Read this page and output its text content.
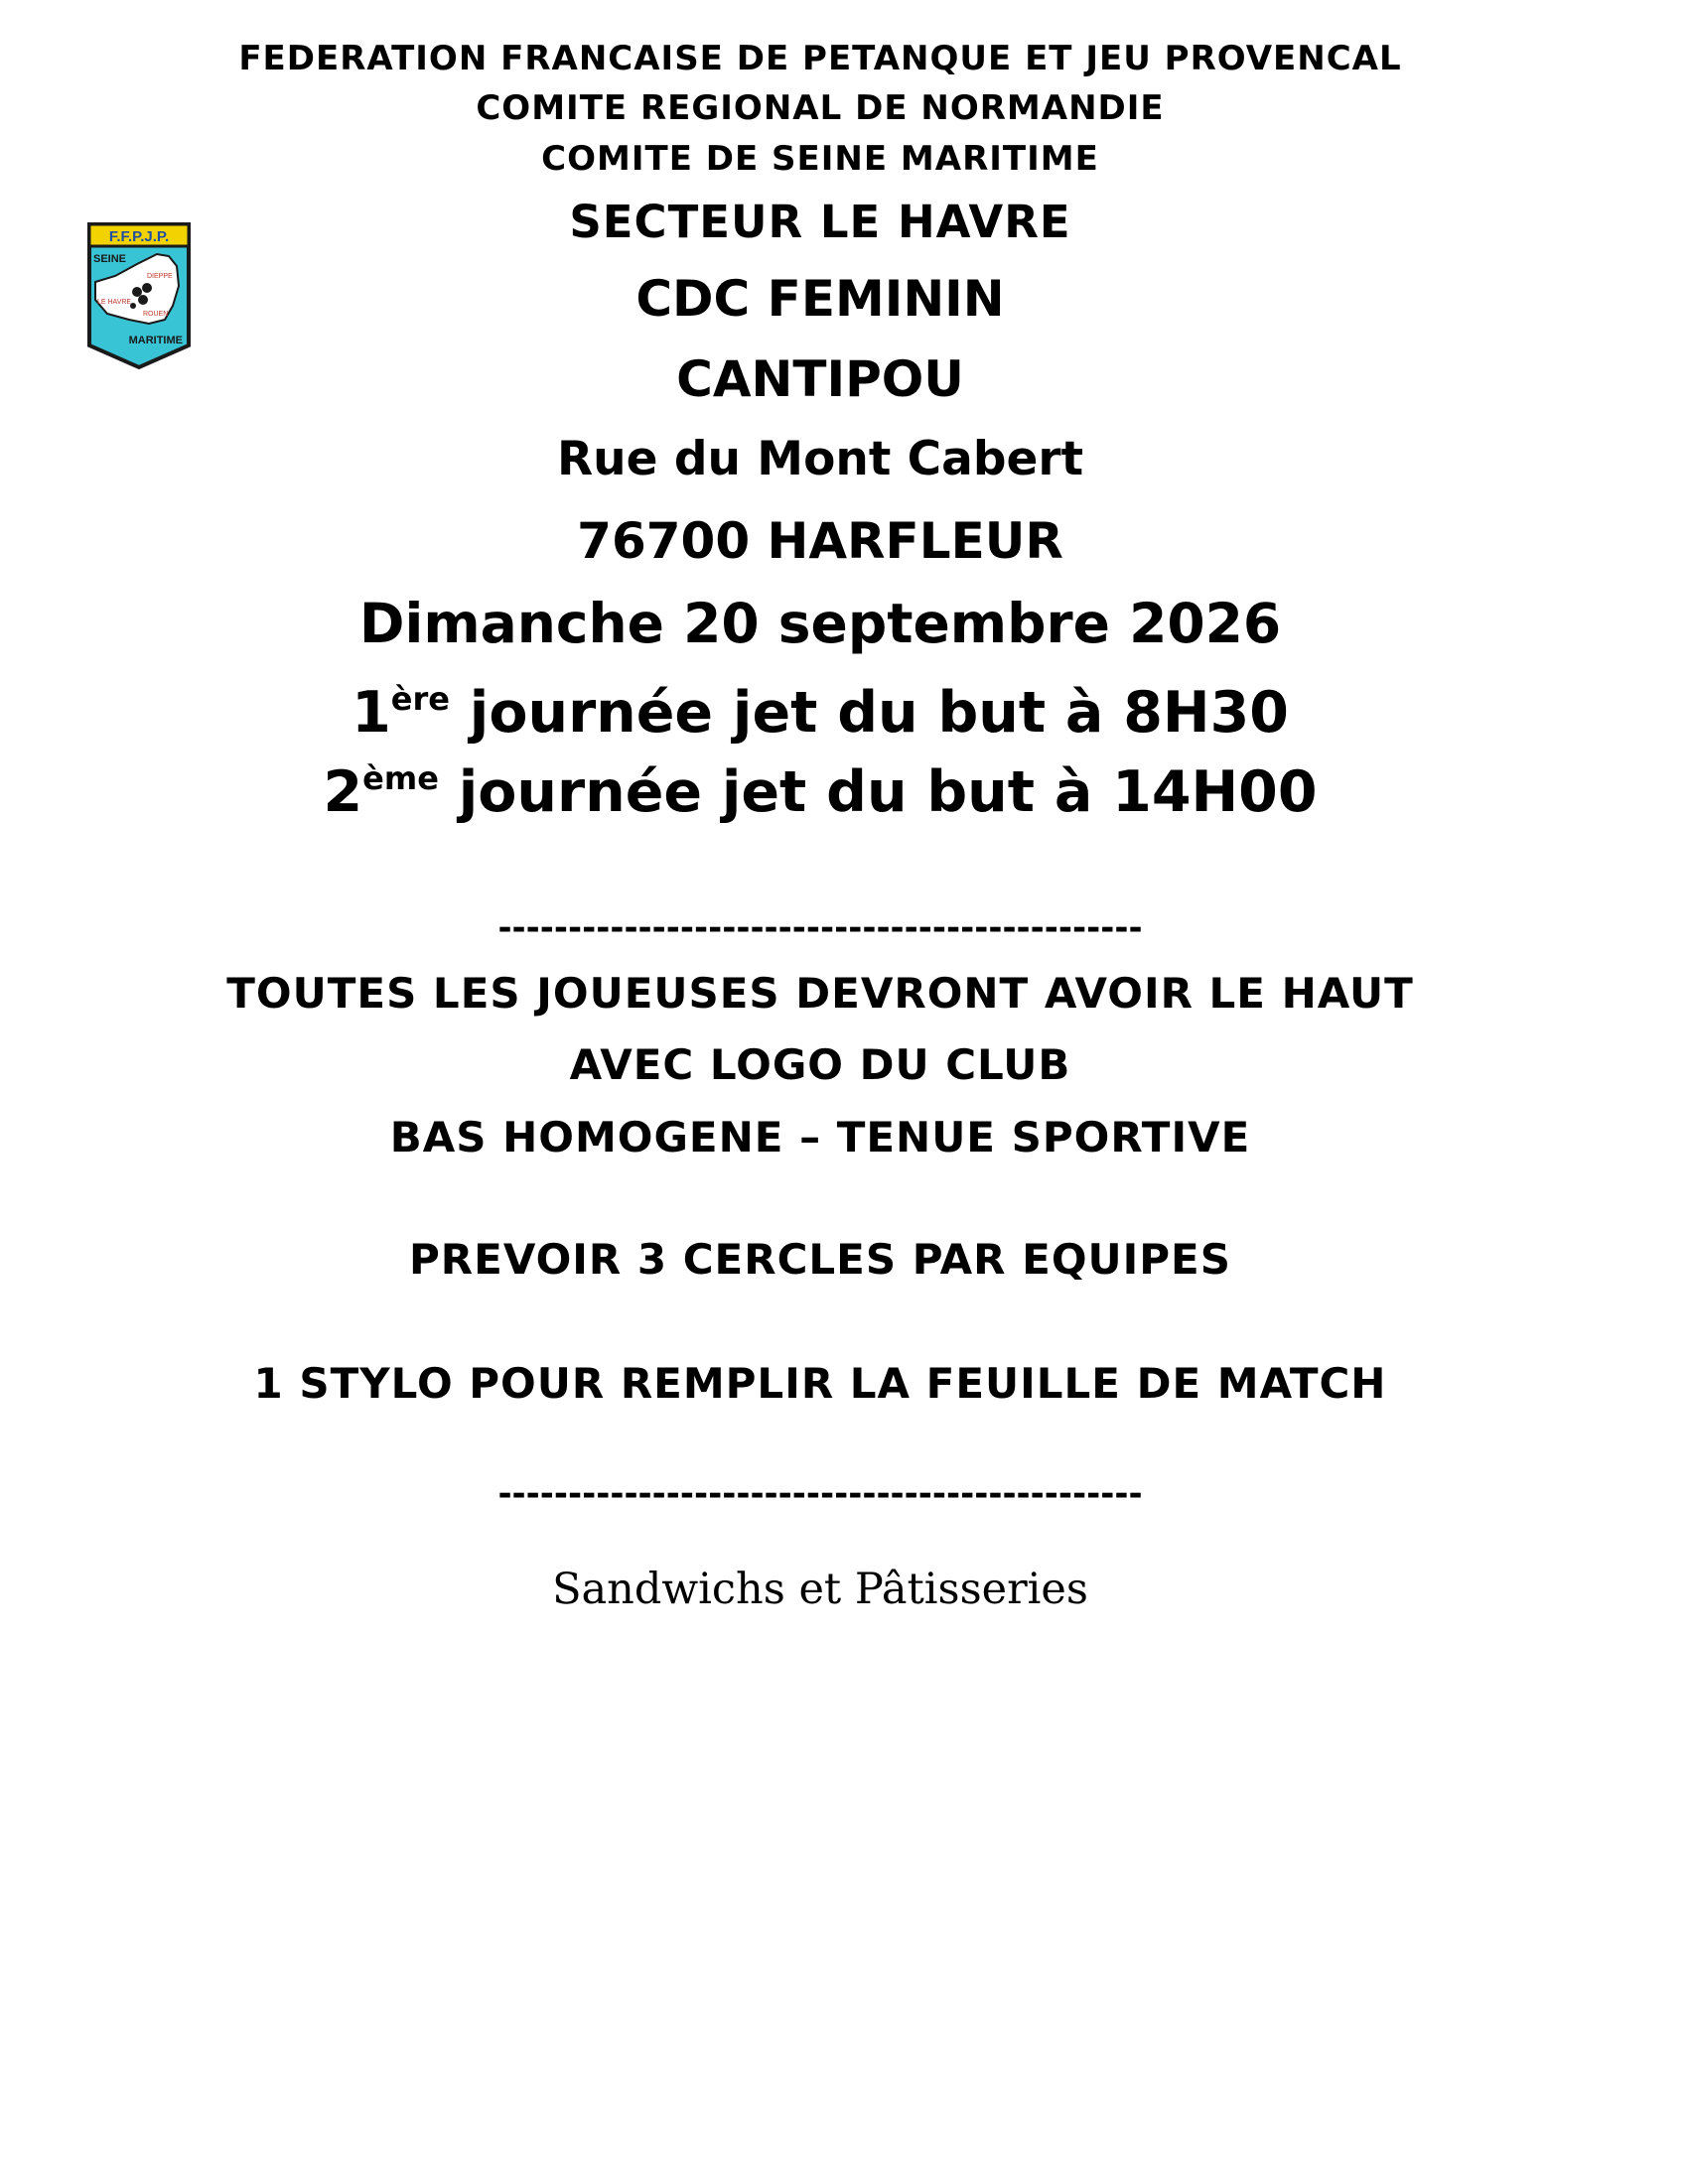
FEDERATION FRANCAISE DE PETANQUE ET JEU PROVENCAL
COMITE REGIONAL DE NORMANDIE
COMITE DE SEINE MARITIME
F.F.P.J.P.
SEINE
DIEPPE
LE HAVRE
ROUEN
MARITIME
SECTEUR LE HAVRE
CDC FEMININ
CANTIPOU
Rue du Mont Cabert
76700 HARFLEUR
Dimanche 20 septembre 2026
1ère journée jet du but à 8H30
2ème journée jet du but à 14H00
----------------------------------------------
TOUTES LES JOUEUSES DEVRONT AVOIR LE HAUT
AVEC LOGO DU CLUB
BAS HOMOGENE – TENUE SPORTIVE
PREVOIR 3 CERCLES PAR EQUIPES
1 STYLO POUR REMPLIR LA FEUILLE DE MATCH
----------------------------------------------
Sandwichs et Pâtisseries
